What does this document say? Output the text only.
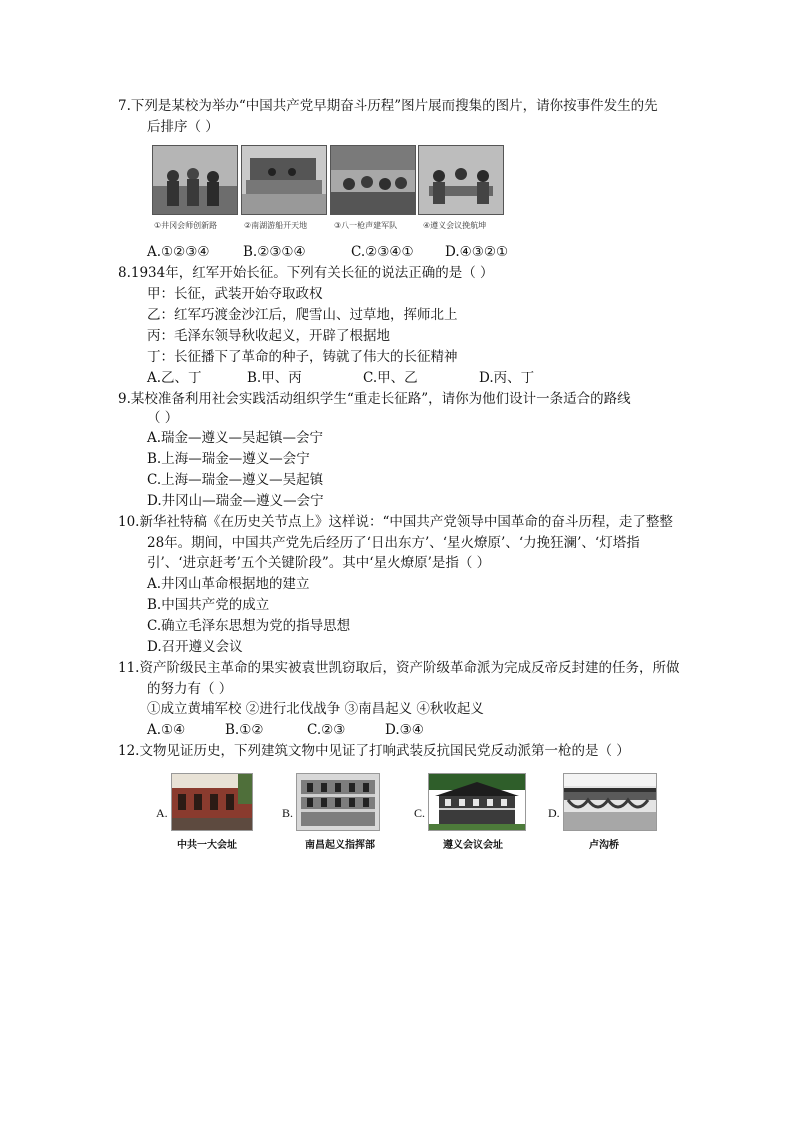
7.下列是某校为举办“中国共产党早期奋斗历程”图片展而搜集的图片，请你按事件发生的先
后排序（ ）
①井冈会师创新路	②南湖游船开天地	③八一枪声建军队	④遵义会议挽航坤
A.①②③④ B.②③①④	C.②③④① D.④③②①
8.1934年，红军开始长征。下列有关长征的说法正确的是（ ）
甲：长征，武装开始夺取政权
乙：红军巧渡金沙江后，爬雪山、过草地，挥师北上
丙：毛泽东领导秋收起义，开辟了根据地
丁：长征播下了革命的种子，铸就了伟大的长征精神
A.乙、丁	B.甲、丙	C.甲、乙	D.丙、丁
9.某校准备利用社会实践活动组织学生“重走长征路”，请你为他们设计一条适合的路线
（ ）
A.瑞金—遵义—吴起镇—会宁
B.上海—瑞金—遵义—会宁
C.上海—瑞金—遵义—吴起镇
D.井冈山—瑞金—遵义—会宁
10.新华社特稿《在历史关节点上》这样说：“中国共产党领导中国革命的奋斗历程，走了整整
28年。期间，中国共产党先后经历了‘日出东方’、‘星火燎原’、‘力挽狂澜’、‘灯塔指
引’、‘进京赶考’五个关键阶段”。其中‘星火燎原’是指（ ）
A.井冈山革命根据地的建立
B.中国共产党的成立
C.确立毛泽东思想为党的指导思想
D.召开遵义会议
11.资产阶级民主革命的果实被袁世凯窃取后，资产阶级革命派为完成反帝反封建的任务，所做
的努力有（ ）
①成立黄埔军校 ②进行北伐战争 ③南昌起义 ④秋收起义
A.①④	B.①②	C.②③	D.③④
12.文物见证历史，下列建筑文物中见证了打响武装反抗国民党反动派第一枪的是（ ）
A.
中共一大会址
B.
南昌起义指挥部
C.
遵义会议会址
D.
卢沟桥
